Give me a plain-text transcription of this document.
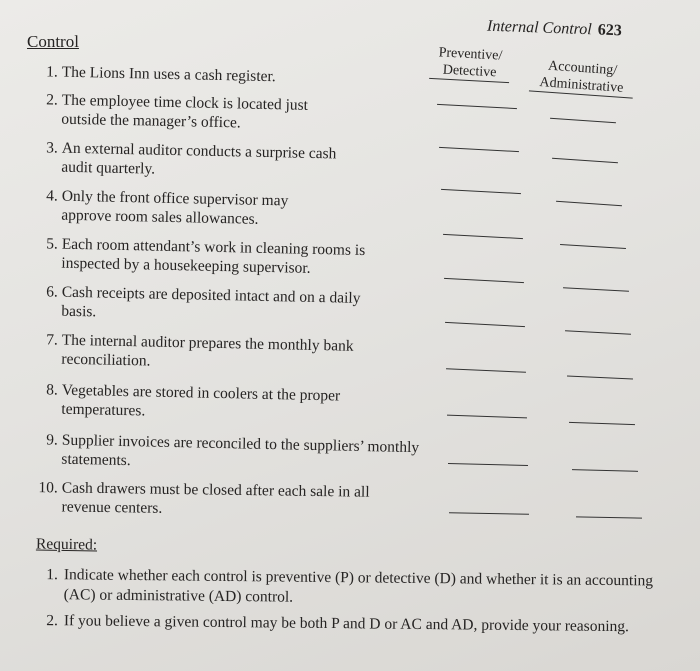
Internal Control 623
Control
Preventive/
Detective	Accounting/
Administrative
1. The Lions Inn uses a cash register.
2. The employee time clock is located just outside the manager’s office.
3. An external auditor conducts a surprise cash audit quarterly.
4. Only the front office supervisor may approve room sales allowances.
5. Each room attendant’s work in cleaning rooms is inspected by a housekeeping supervisor.
6. Cash receipts are deposited intact and on a daily basis.
7. The internal auditor prepares the monthly bank reconciliation.
8. Vegetables are stored in coolers at the proper temperatures.
9. Supplier invoices are reconciled to the suppliers’ monthly statements.
10. Cash drawers must be closed after each sale in all revenue centers.
Required:
1. Indicate whether each control is preventive (P) or detective (D) and whether it is an accounting (AC) or administrative (AD) control.
2. If you believe a given control may be both P and D or AC and AD, provide your reasoning.
